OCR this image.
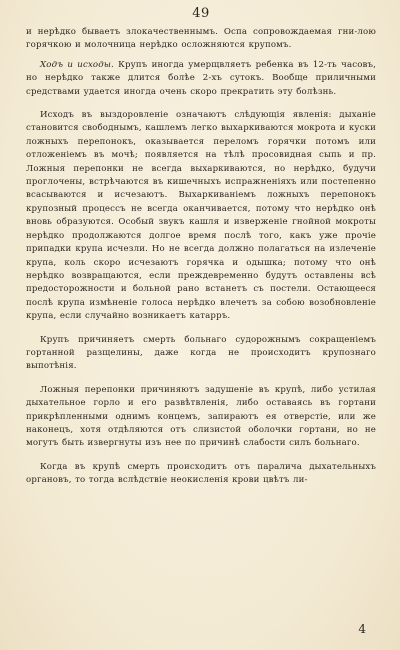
49

и нерѣдко бываетъ злокачественнымъ. Оспа сопровождаемая гни-лою горячкою и молочница нерѣдко осложняются крупомъ.

Ходъ и исходы. Крупъ иногда умерщвляетъ ребенка въ 12-ть часовъ, но нерѣдко также длится болѣе 2-хъ сутокъ. Вообще приличными средствами удается иногда очень скоро прекратить эту болѣзнь.

Исходъ въ выздоровленіе означаютъ слѣдующія явленія: дыханіе становится свободнымъ, кашлемъ легко выхаркиваются мокрота и куски ложныхъ перепонокъ, оказывается переломъ горячки потомъ или отложеніемъ въ мочѣ; появляется на тѣлѣ просовидная сыпь и пр. Ложныя перепонки не всегда выхаркиваются, но нерѣдко, будучи проглочены, встрѣчаются въ кишечныхъ испражненіяхъ или постепенно всасываются и исчезаютъ. Выхаркиваніемъ ложныхъ перепонокъ крупозный процессъ не всегда оканчивается, потому что нерѣдко онѣ вновь образуются. Особый звукъ кашля и изверженіе гнойной мокроты нерѣдко продолжаются долгое время послѣ того, какъ уже прочіе припадки крупа исчезли. Но не всегда должно полагаться на излеченіе крупа, коль скоро исчезаютъ горячка и одышка; потому что онѣ нерѣдко возвращаются, если преждевременно будутъ оставлены всѣ предосторожности и больной рано встанетъ съ постели. Остающееся послѣ крупа измѣненіе голоса нерѣдко влечетъ за собою возобновленіе крупа, если случайно возникаетъ катарръ.

Крупъ причиняетъ смерть больнаго судорожнымъ сокращеніемъ гортанной разщелины, даже когда не происходитъ крупознаго выпотѣнія.

Ложныя перепонки причиняютъ задушеніе въ крупѣ, либо устилая дыхательное горло и его развѣтвленія, либо оставаясь въ гортани прикрѣпленными однимъ концемъ, запираютъ ея отверстіе, или же наконецъ, хотя отдѣляются отъ слизистой оболочки гортани, но не могутъ быть извергнуты изъ нее по причинѣ слабости силъ больнаго.

Когда въ крупѣ смерть происходитъ отъ паралича дыхательныхъ органовъ, то тогда вслѣдствіе неокисленія крови цвѣтъ ли-

4
